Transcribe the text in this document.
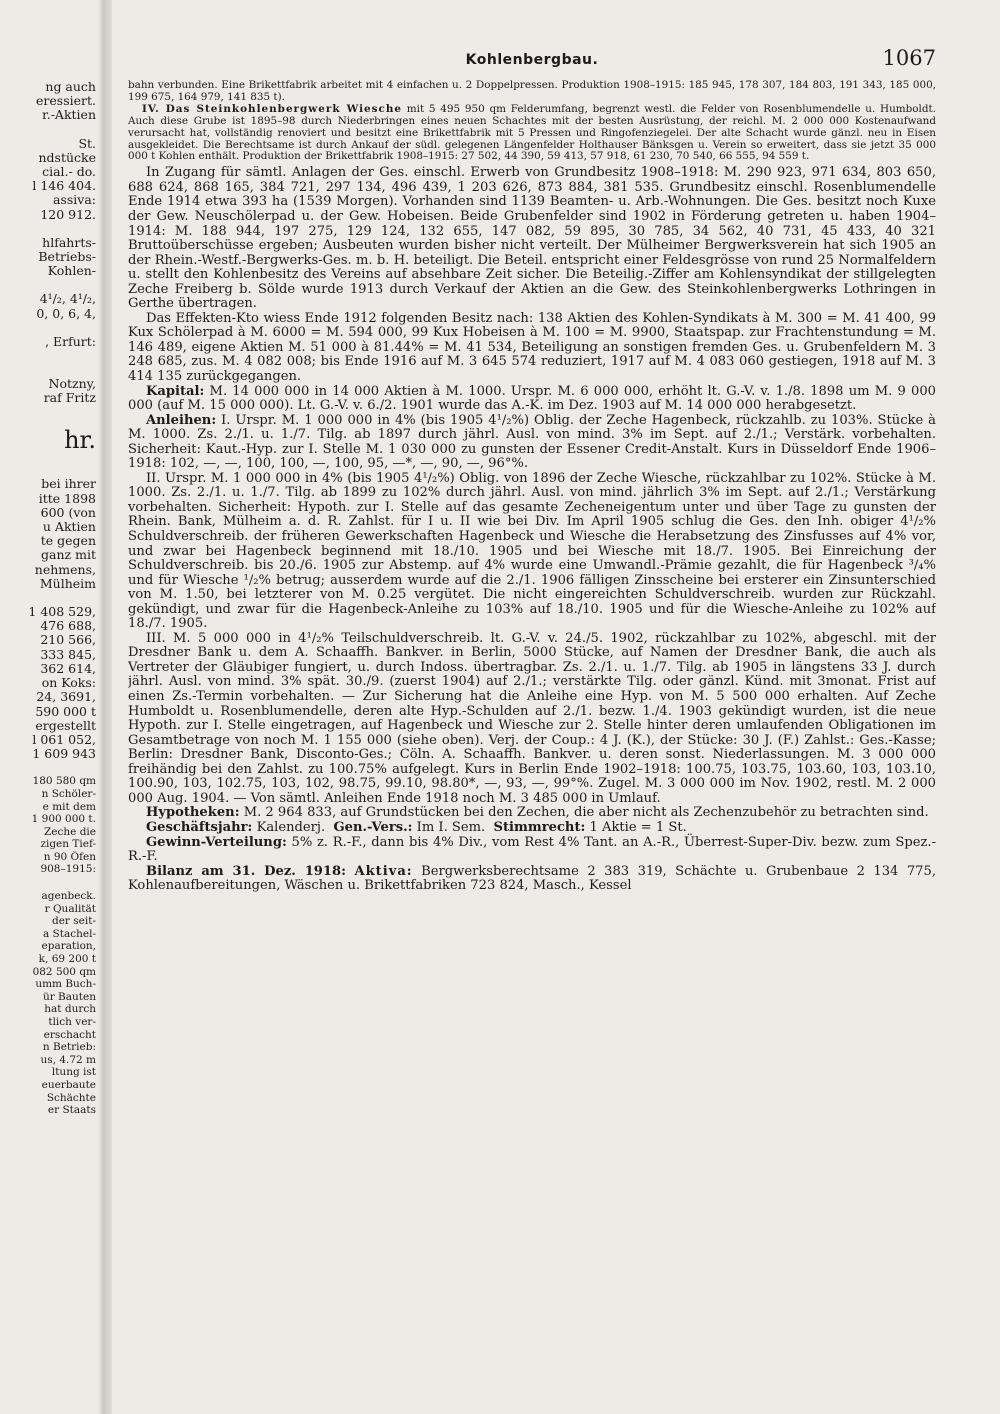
ng auch
eressiert.
r.-Aktien
St.
ndstücke
cial.- do.
l 146 404.
assiva:
120 912.
hlfahrts-
Betriebs-
Kohlen-
4¹/₂, 4¹/₂,
0, 0, 6, 4,
, Erfurt:
Notzny,
raf Fritz
hr.
bei ihrer
itte 1898
600 (von
u Aktien
te gegen
ganz mit
nehmens,
Mülheim
1 408 529,
476 688,
210 566,
333 845,
362 614,
on Koks:
24, 3691,
590 000 t
ergestellt
l 061 052,
1 609 943
180 580 qm
n Schöler-
e mit dem
1 900 000 t.
Zeche die
zigen Tief-
n 90 Öfen
908–1915:
agenbeck.
r Qualität
der seit-
a Stachel-
eparation,
k, 69 200 t
082 500 qm
umm Buch-
ür Bauten
hat durch
tlich ver-
erschacht
n Betrieb:
us, 4.72 m
ltung ist
euerbaute
Schächte
er Staats
Kohlenbergbau.	1067
bahn verbunden. Eine Brikettfabrik arbeitet mit 4 einfachen u. 2 Doppelpressen. Produktion 1908–1915: 185 945, 178 307, 184 803, 191 343, 185 000, 199 675, 164 979, 141 835 t).
IV. Das Steinkohlenbergwerk Wiesche mit 5 495 950 qm Felderumfang, begrenzt westl. die Felder von Rosenblumendelle u. Humboldt. Auch diese Grube ist 1895–98 durch Niederbringen eines neuen Schachtes mit der besten Ausrüstung, der reichl. M. 2 000 000 Kostenaufwand verursacht hat, vollständig renoviert und besitzt eine Brikettfabrik mit 5 Pressen und Ringofenziegelei. Der alte Schacht wurde gänzl. neu in Eisen ausgekleidet. Die Berechtsame ist durch Ankauf der südl. gelegenen Längenfelder Holthauser Bänksgen u. Verein so erweitert, dass sie jetzt 35 000 000 t Kohlen enthält. Produktion der Brikettfabrik 1908–1915: 27 502, 44 390, 59 413, 57 918, 61 230, 70 540, 66 555, 94 559 t.

In Zugang für sämtl. Anlagen der Ges. einschl. Erwerb von Grundbesitz 1908–1918: M. 290 923, 971 634, 803 650, 688 624, 868 165, 384 721, 297 134, 496 439, 1 203 626, 873 884, 381 535. Grundbesitz einschl. Rosenblumendelle Ende 1914 etwa 393 ha (1539 Morgen). Vorhanden sind 1139 Beamten- u. Arb.-Wohnungen. Die Ges. besitzt noch Kuxe der Gew. Neuschölerpad u. der Gew. Hobeisen. Beide Grubenfelder sind 1902 in Förderung getreten u. haben 1904–1914: M. 188 944, 197 275, 129 124, 132 655, 147 082, 59 895, 30 785, 34 562, 40 731, 45 433, 40 321 Bruttoüberschüsse ergeben; Ausbeuten wurden bisher nicht verteilt. Der Mülheimer Bergwerksverein hat sich 1905 an der Rhein.-Westf.-Bergwerks-Ges. m. b. H. beteiligt. Die Beteil. entspricht einer Feldesgrösse von rund 25 Normalfeldern u. stellt den Kohlenbesitz des Vereins auf absehbare Zeit sicher. Die Beteilig.-Ziffer am Kohlensyndikat der stillgelegten Zeche Freiberg b. Sölde wurde 1913 durch Verkauf der Aktien an die Gew. des Steinkohlenbergwerks Lothringen in Gerthe übertragen.

Das Effekten-Kto wiess Ende 1912 folgenden Besitz nach: 138 Aktien des Kohlen-Syndikats à M. 300 = M. 41 400, 99 Kux Schölerpad à M. 6000 = M. 594 000, 99 Kux Hobeisen à M. 100 = M. 9900, Staatspap. zur Frachtenstundung = M. 146 489, eigene Aktien M. 51 000 à 81.44% = M. 41 534, Beteiligung an sonstigen fremden Ges. u. Grubenfeldern M. 3 248 685, zus. M. 4 082 008; bis Ende 1916 auf M. 3 645 574 reduziert, 1917 auf M. 4 083 060 gestiegen, 1918 auf M. 3 414 135 zurückgegangen.

Kapital: M. 14 000 000 in 14 000 Aktien à M. 1000. Urspr. M. 6 000 000, erhöht lt. G.-V. v. 1./8. 1898 um M. 9 000 000 (auf M. 15 000 000). Lt. G.-V. v. 6./2. 1901 wurde das A.-K. im Dez. 1903 auf M. 14 000 000 herabgesetzt.

Anleihen: I. Urspr. M. 1 000 000 in 4% (bis 1905 4¹/₂%) Oblig. der Zeche Hagenbeck, rückzahlb. zu 103%. Stücke à M. 1000. Zs. 2./1. u. 1./7. Tilg. ab 1897 durch jährl. Ausl. von mind. 3% im Sept. auf 2./1.; Verstärk. vorbehalten. Sicherheit: Kaut.-Hyp. zur I. Stelle M. 1 030 000 zu gunsten der Essener Credit-Anstalt. Kurs in Düsseldorf Ende 1906–1918: 102, —, —, 100, 100, —, 100, 95, —*, —, 90, —, 96°%.

II. Urspr. M. 1 000 000 in 4% (bis 1905 4¹/₂%) Oblig. von 1896 der Zeche Wiesche, rückzahlbar zu 102%. Stücke à M. 1000. Zs. 2./1. u. 1./7. Tilg. ab 1899 zu 102% durch jährl. Ausl. von mind. jährlich 3% im Sept. auf 2./1.; Verstärkung vorbehalten. Sicherheit: Hypoth. zur I. Stelle auf das gesamte Zecheneigentum unter und über Tage zu gunsten der Rhein. Bank, Mülheim a. d. R. Zahlst. für I u. II wie bei Div. Im April 1905 schlug die Ges. den Inh. obiger 4¹/₂% Schuldverschreib. der früheren Gewerkschaften Hagenbeck und Wiesche die Herabsetzung des Zinsfusses auf 4% vor, und zwar bei Hagenbeck beginnend mit 18./10. 1905 und bei Wiesche mit 18./7. 1905. Bei Einreichung der Schuldverschreib. bis 20./6. 1905 zur Abstemp. auf 4% wurde eine Umwandl.-Prämie gezahlt, die für Hagenbeck ³/₄% und für Wiesche ¹/₂% betrug; ausserdem wurde auf die 2./1. 1906 fälligen Zinsscheine bei ersterer ein Zinsunterschied von M. 1.50, bei letzterer von M. 0.25 vergütet. Die nicht eingereichten Schuldverschreib. wurden zur Rückzahl. gekündigt, und zwar für die Hagenbeck-Anleihe zu 103% auf 18./10. 1905 und für die Wiesche-Anleihe zu 102% auf 18./7. 1905.

III. M. 5 000 000 in 4¹/₂% Teilschuldverschreib. lt. G.-V. v. 24./5. 1902, rückzahlbar zu 102%, abgeschl. mit der Dresdner Bank u. dem A. Schaaffh. Bankver. in Berlin, 5000 Stücke, auf Namen der Dresdner Bank, die auch als Vertreter der Gläubiger fungiert, u. durch Indoss. übertragbar. Zs. 2./1. u. 1./7. Tilg. ab 1905 in längstens 33 J. durch jährl. Ausl. von mind. 3% spät. 30./9. (zuerst 1904) auf 2./1.; verstärkte Tilg. oder gänzl. Künd. mit 3monat. Frist auf einen Zs.-Termin vorbehalten. — Zur Sicherung hat die Anleihe eine Hyp. von M. 5 500 000 erhalten. Auf Zeche Humboldt u. Rosenblumendelle, deren alte Hyp.-Schulden auf 2./1. bezw. 1./4. 1903 gekündigt wurden, ist die neue Hypoth. zur I. Stelle eingetragen, auf Hagenbeck und Wiesche zur 2. Stelle hinter deren umlaufenden Obligationen im Gesamtbetrage von noch M. 1 155 000 (siehe oben). Verj. der Coup.: 4 J. (K.), der Stücke: 30 J. (F.) Zahlst.: Ges.-Kasse; Berlin: Dresdner Bank, Disconto-Ges.; Cöln. A. Schaaffh. Bankver. u. deren sonst. Niederlassungen. M. 3 000 000 freihändig bei den Zahlst. zu 100.75% aufgelegt. Kurs in Berlin Ende 1902–1918: 100.75, 103.75, 103.60, 103, 103.10, 100.90, 103, 102.75, 103, 102, 98.75, 99.10, 98.80*, —, 93, —, 99°%. Zugel. M. 3 000 000 im Nov. 1902, restl. M. 2 000 000 Aug. 1904. — Von sämtl. Anleihen Ende 1918 noch M. 3 485 000 in Umlauf.

Hypotheken: M. 2 964 833, auf Grundstücken bei den Zechen, die aber nicht als Zechenzubehör zu betrachten sind.

Geschäftsjahr: Kalenderj. Gen.-Vers.: Im I. Sem. Stimmrecht: 1 Aktie = 1 St.

Gewinn-Verteilung: 5% z. R.-F., dann bis 4% Div., vom Rest 4% Tant. an A.-R., Überrest-Super-Div. bezw. zum Spez.-R.-F.

Bilanz am 31. Dez. 1918: Aktiva: Bergwerksberechtsame 2 383 319, Schächte u. Grubenbaue 2 134 775, Kohlenaufbereitungen, Wäschen u. Brikettfabriken 723 824, Masch., Kessel
